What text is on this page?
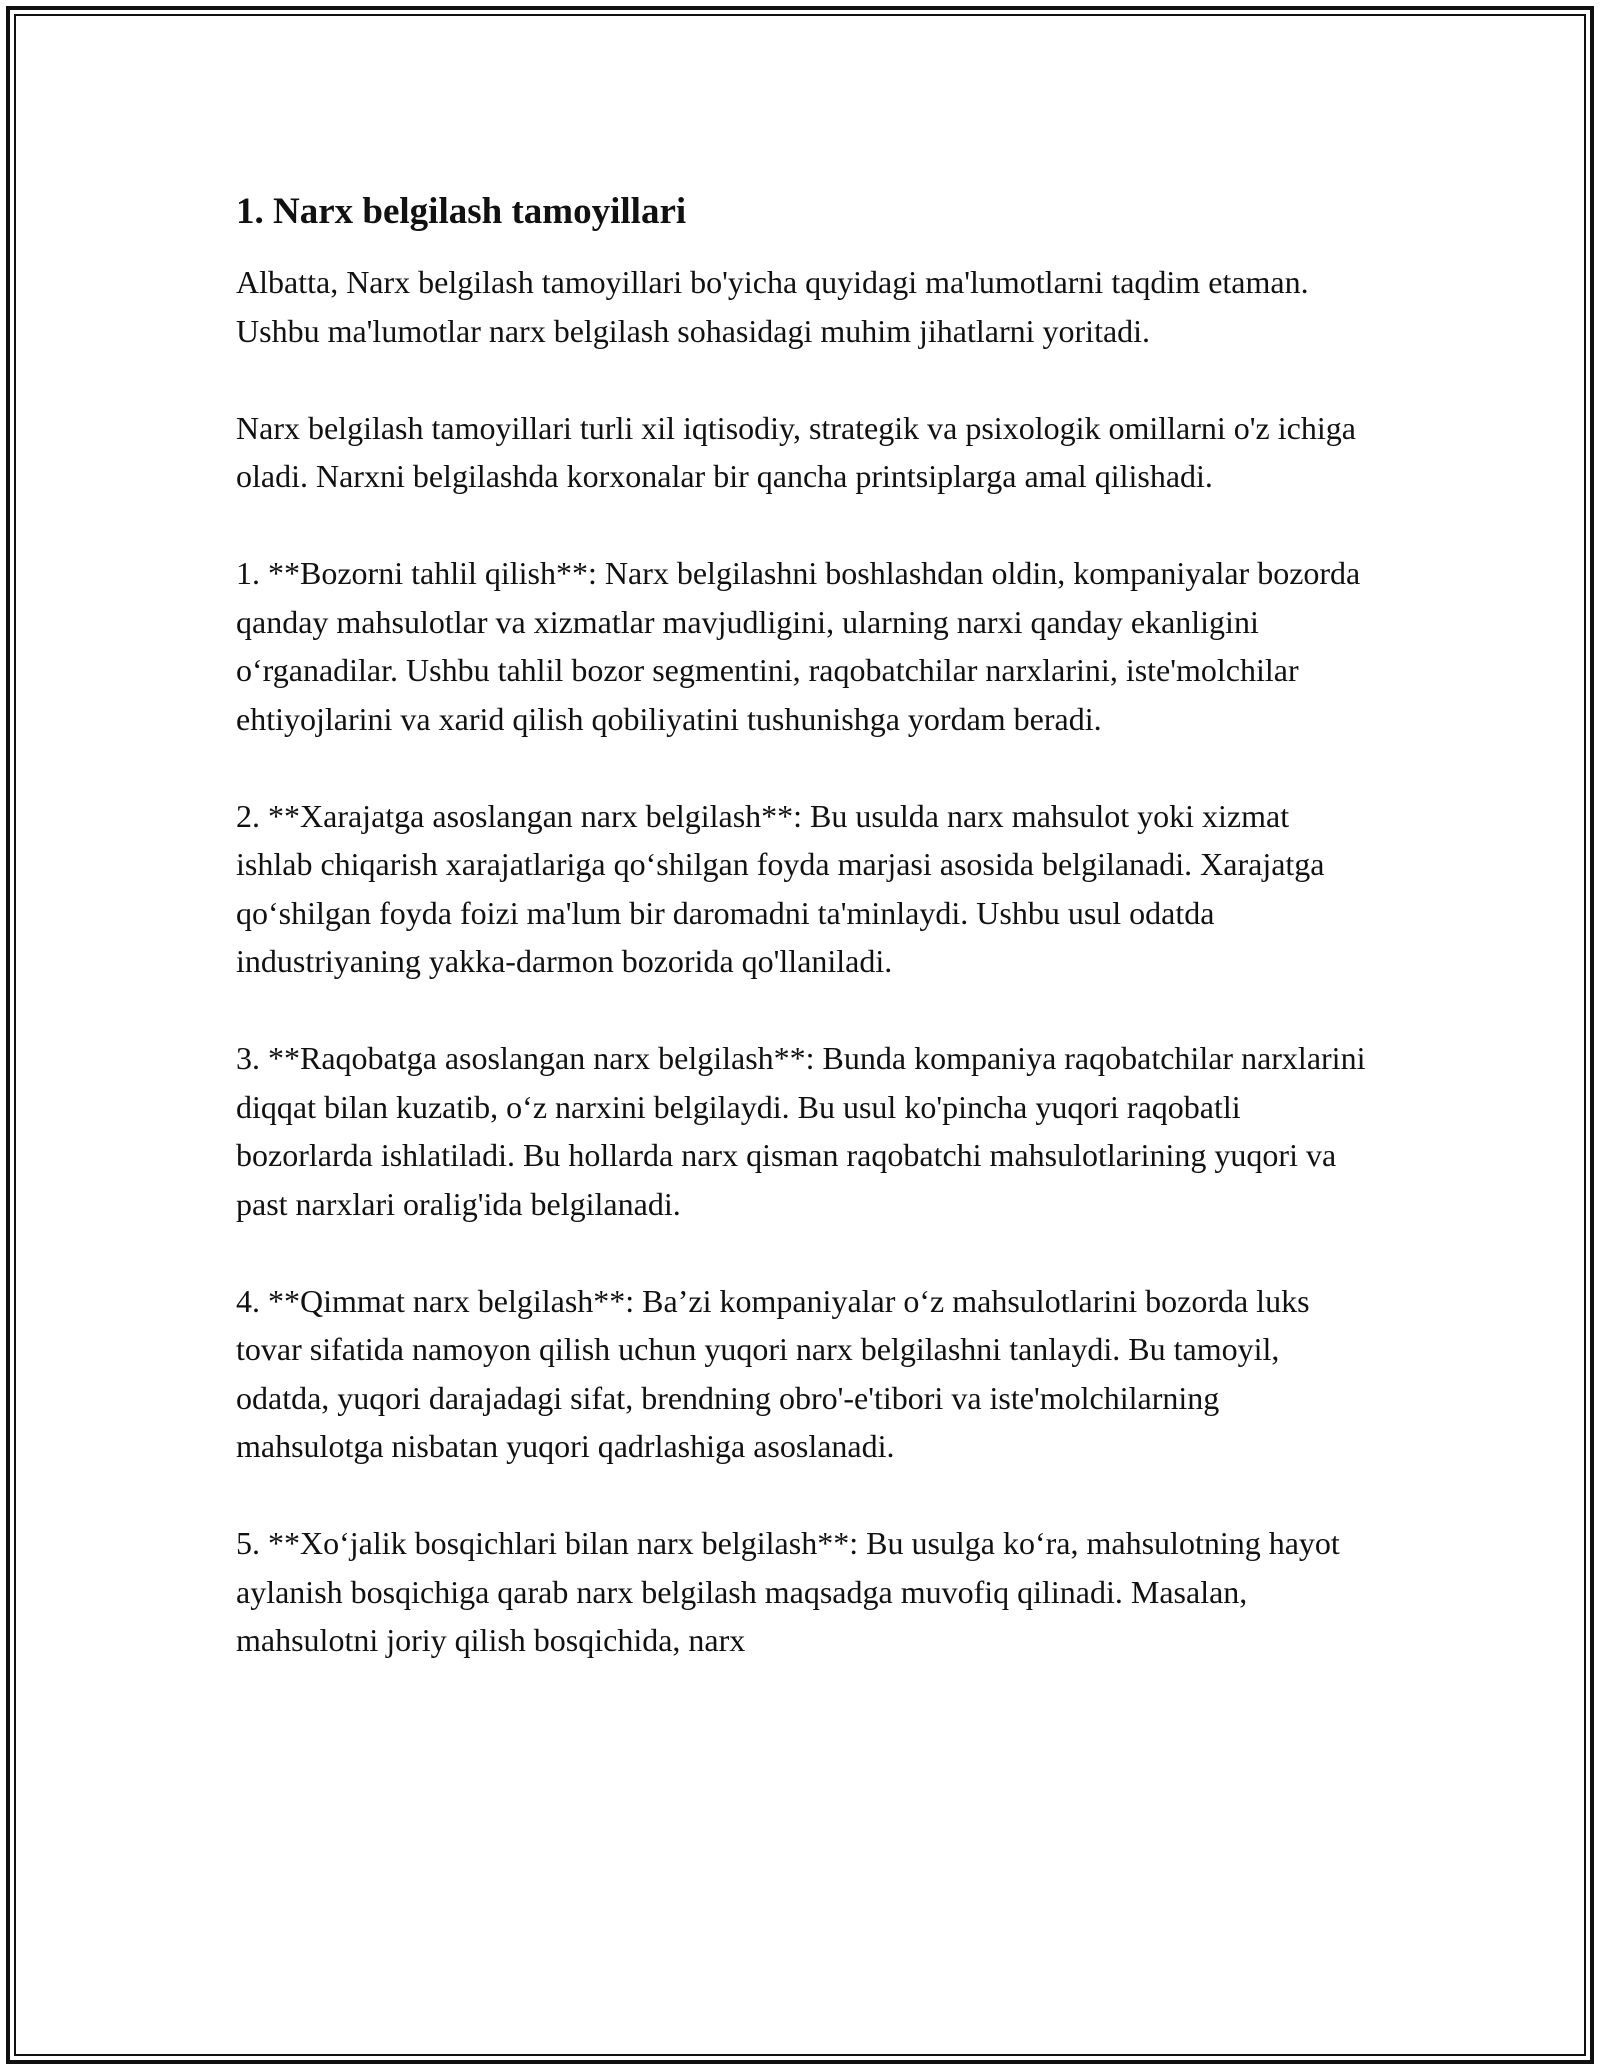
1. Narx belgilash tamoyillari

Albatta, Narx belgilash tamoyillari bo'yicha quyidagi ma'lumotlarni taqdim etaman. Ushbu ma'lumotlar narx belgilash sohasidagi muhim jihatlarni yoritadi.

Narx belgilash tamoyillari turli xil iqtisodiy, strategik va psixologik omillarni o'z ichiga oladi. Narxni belgilashda korxonalar bir qancha printsiplarga amal qilishadi.

1. **Bozorni tahlil qilish**: Narx belgilashni boshlashdan oldin, kompaniyalar bozorda qanday mahsulotlar va xizmatlar mavjudligini, ularning narxi qanday ekanligini o‘rganadilar. Ushbu tahlil bozor segmentini, raqobatchilar narxlarini, iste'molchilar ehtiyojlarini va xarid qilish qobiliyatini tushunishga yordam beradi.

2. **Xarajatga asoslangan narx belgilash**: Bu usulda narx mahsulot yoki xizmat ishlab chiqarish xarajatlariga qo‘shilgan foyda marjasi asosida belgilanadi. Xarajatga qo‘shilgan foyda foizi ma'lum bir daromadni ta'minlaydi. Ushbu usul odatda industriyaning yakka-darmon bozorida qo'llaniladi.

3. **Raqobatga asoslangan narx belgilash**: Bunda kompaniya raqobatchilar narxlarini diqqat bilan kuzatib, o‘z narxini belgilaydi. Bu usul ko'pincha yuqori raqobatli bozorlarda ishlatiladi. Bu hollarda narx qisman raqobatchi mahsulotlarining yuqori va past narxlari oralig'ida belgilanadi.

4. **Qimmat narx belgilash**: Ba’zi kompaniyalar o‘z mahsulotlarini bozorda luks tovar sifatida namoyon qilish uchun yuqori narx belgilashni tanlaydi. Bu tamoyil, odatda, yuqori darajadagi sifat, brendning obro'-e'tibori va iste'molchilarning mahsulotga nisbatan yuqori qadrlashiga asoslanadi.

5. **Xo‘jalik bosqichlari bilan narx belgilash**: Bu usulga ko‘ra, mahsulotning hayot aylanish bosqichiga qarab narx belgilash maqsadga muvofiq qilinadi. Masalan, mahsulotni joriy qilish bosqichida, narx
